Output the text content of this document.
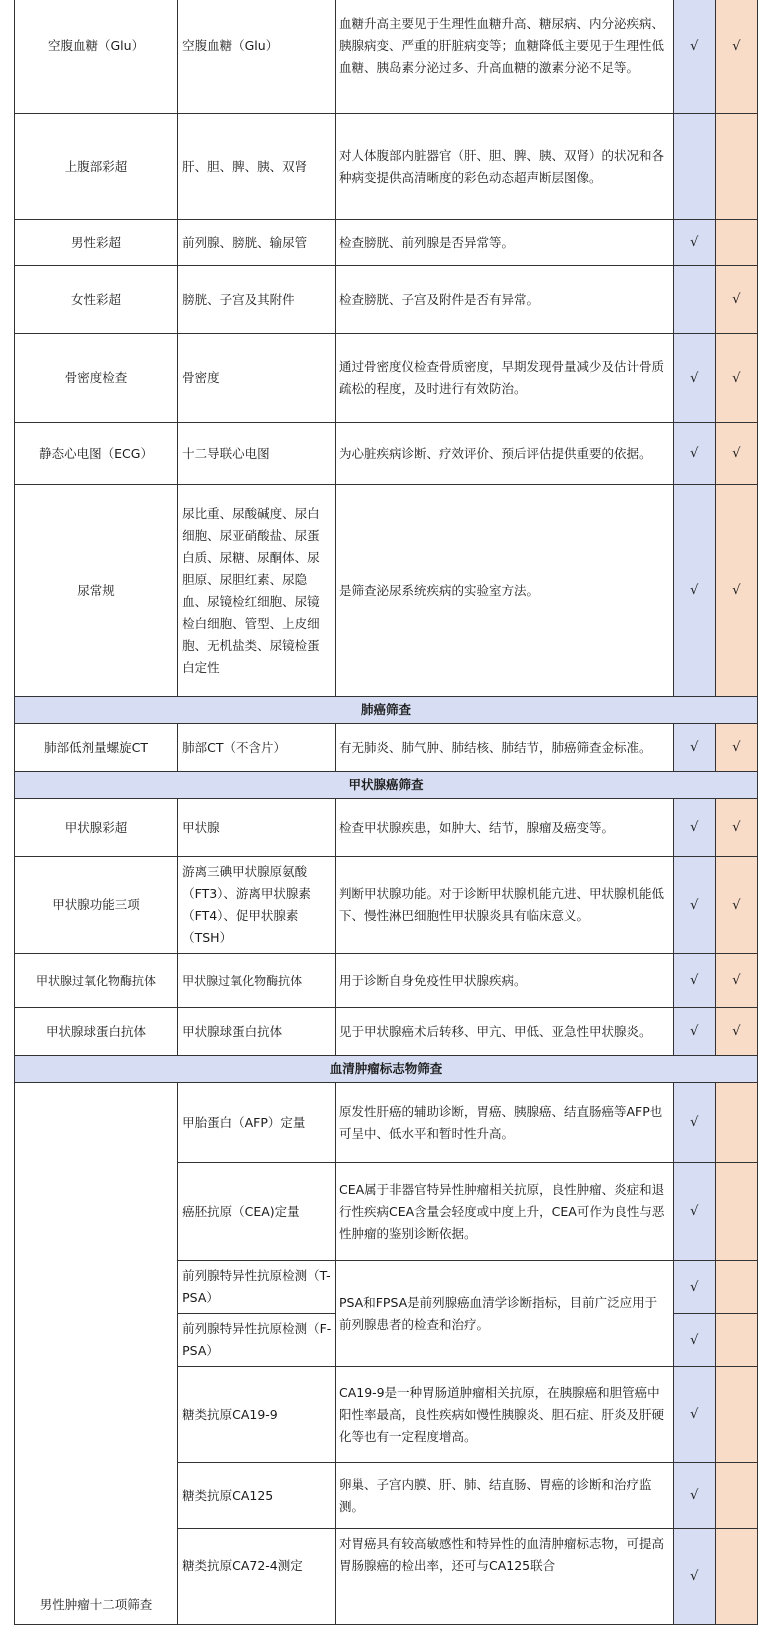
空腹血糖（Glu）	空腹血糖（Glu）	血糖升高主要见于生理性血糖升高、糖尿病、内分泌疾病、胰腺病变、严重的肝脏病变等；血糖降低主要见于生理性低血糖、胰岛素分泌过多、升高血糖的激素分泌不足等。	√	√
上腹部彩超	肝、胆、脾、胰、双肾	对人体腹部内脏器官（肝、胆、脾、胰、双肾）的状况和各种病变提供高清晰度的彩色动态超声断层图像。		
男性彩超	前列腺、膀胱、输尿管	检查膀胱、前列腺是否异常等。	√	
女性彩超	膀胱、子宫及其附件	检查膀胱、子宫及附件是否有异常。		√
骨密度检查	骨密度	通过骨密度仪检查骨质密度，早期发现骨量减少及估计骨质疏松的程度，及时进行有效防治。	√	√
静态心电图（ECG）	十二导联心电图	为心脏疾病诊断、疗效评价、预后评估提供重要的依据。	√	√
尿常规	尿比重、尿酸碱度、尿白细胞、尿亚硝酸盐、尿蛋白质、尿糖、尿酮体、尿胆原、尿胆红素、尿隐血、尿镜检红细胞、尿镜检白细胞、管型、上皮细胞、无机盐类、尿镜检蛋白定性	是筛查泌尿系统疾病的实验室方法。	√	√
肺癌筛查				
肺部低剂量螺旋CT	肺部CT（不含片）	有无肺炎、肺气肿、肺结核、肺结节，肺癌筛查金标准。	√	√
甲状腺癌筛查				
甲状腺彩超	甲状腺	检查甲状腺疾患，如肿大、结节，腺瘤及癌变等。	√	√
甲状腺功能三项	游离三碘甲状腺原氨酸（FT3）、游离甲状腺素（FT4）、促甲状腺素（TSH）	判断甲状腺功能。对于诊断甲状腺机能亢进、甲状腺机能低下、慢性淋巴细胞性甲状腺炎具有临床意义。	√	√
甲状腺过氧化物酶抗体	甲状腺过氧化物酶抗体	用于诊断自身免疫性甲状腺疾病。	√	√
甲状腺球蛋白抗体	甲状腺球蛋白抗体	见于甲状腺癌术后转移、甲亢、甲低、亚急性甲状腺炎。	√	√
血清肿瘤标志物筛查				
男性肿瘤十二项筛查	甲胎蛋白（AFP）定量	原发性肝癌的辅助诊断，胃癌、胰腺癌、结直肠癌等AFP也可呈中、低水平和暂时性升高。	√	
	癌胚抗原（CEA)定量	CEA属于非器官特异性肿瘤相关抗原，良性肿瘤、炎症和退行性疾病CEA含量会轻度或中度上升，CEA可作为良性与恶性肿瘤的鉴别诊断依据。	√	
	前列腺特异性抗原检测（T-PSA）	PSA和FPSA是前列腺癌血清学诊断指标，目前广泛应用于前列腺患者的检查和治疗。	√	
	前列腺特异性抗原检测（F-PSA）		√	
	糖类抗原CA19-9	CA19-9是一种胃肠道肿瘤相关抗原，在胰腺癌和胆管癌中阳性率最高，良性疾病如慢性胰腺炎、胆石症、肝炎及肝硬化等也有一定程度增高。	√	
	糖类抗原CA125	卵巢、子宫内膜、肝、肺、结直肠、胃癌的诊断和治疗监测。	√	
	糖类抗原CA72-4测定	对胃癌具有较高敏感性和特异性的血清肿瘤标志物，可提高胃肠腺癌的检出率，还可与CA125联合	√	
